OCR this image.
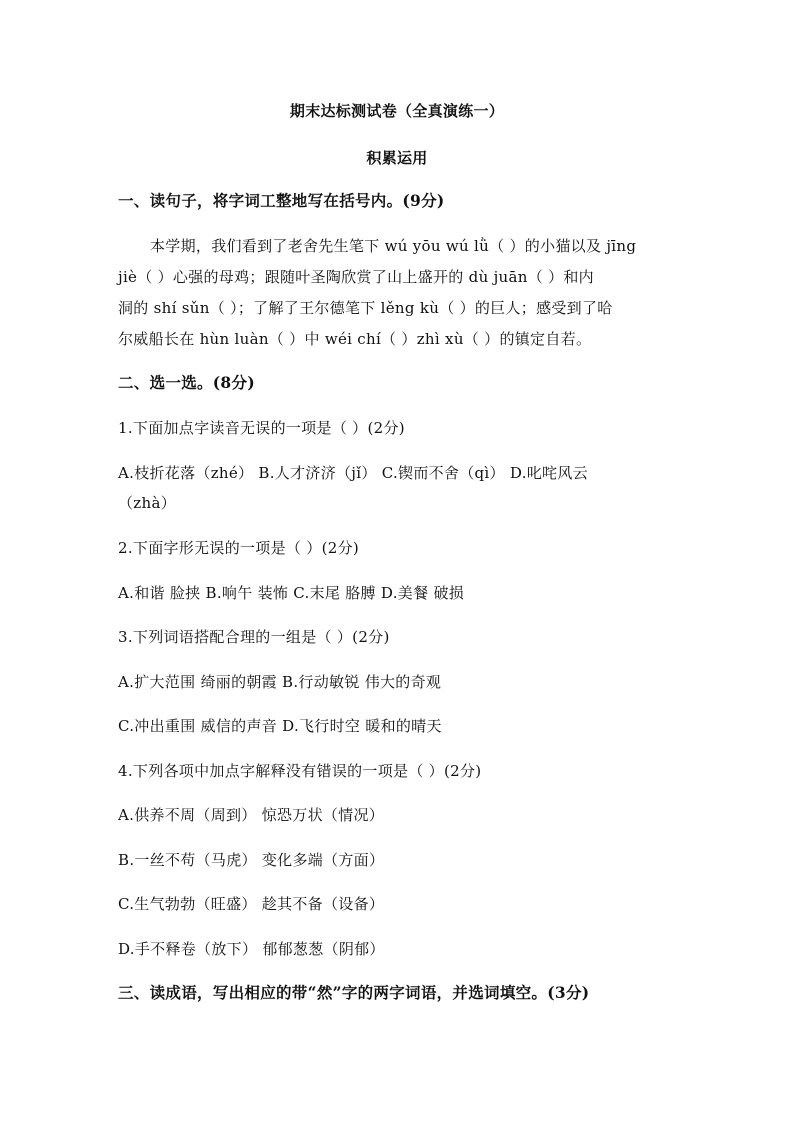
期末达标测试卷（全真演练一）
积累运用
一、读句子，将字词工整地写在括号内。(9分)
本学期，我们看到了老舍先生笔下 wú yōu wú lǜ（ ）的小猫以及 jīng
jiè（ ）心强的母鸡；跟随叶圣陶欣赏了山上盛开的 dù juān（ ）和内
洞的 shí sǔn（ ）；了解了王尔德笔下 lěng kù（ ）的巨人；感受到了哈
尔威船长在 hùn luàn（ ）中 wéi chí（ ）zhì xù（ ）的镇定自若。
二、选一选。(8分)
1.下面加点字读音无误的一项是（ ）(2分)
A.枝折花落（zhé） B.人才济济（jǐ） C.锲而不舍（qì） D.叱咤风云
（zhà）
2.下面字形无误的一项是（ ）(2分)
A.和谐 脸挟 B.响午 装怖 C.末尾 胳膊 D.美餐 破损
3.下列词语搭配合理的一组是（ ）(2分)
A.扩大范围 绮丽的朝霞 B.行动敏锐 伟大的奇观
C.冲出重围 威信的声音 D.飞行时空 暖和的晴天
4.下列各项中加点字解释没有错误的一项是（ ）(2分)
A.供养不周（周到） 惊恐万状（情况）
B.一丝不苟（马虎） 变化多端（方面）
C.生气勃勃（旺盛） 趁其不备（设备）
D.手不释卷（放下） 郁郁葱葱（阴郁）
三、读成语，写出相应的带“然”字的两字词语，并选词填空。(3分)
